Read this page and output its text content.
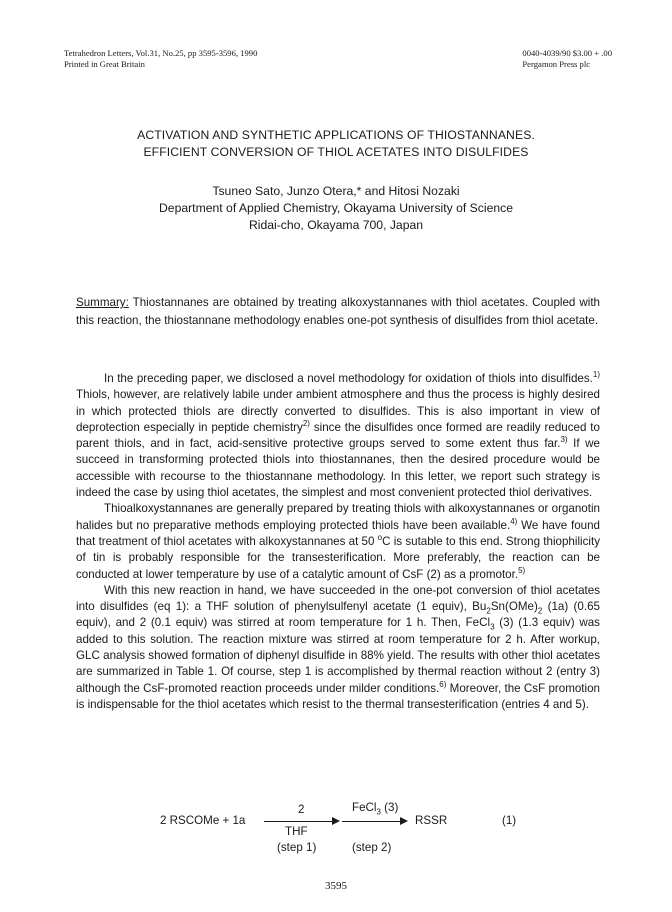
Tetrahedron Letters, Vol.31, No.25, pp 3595-3596, 1990
Printed in Great Britain
0040-4039/90 $3.00 + .00
Pergamon Press plc
ACTIVATION AND SYNTHETIC APPLICATIONS OF THIOSTANNANES.
EFFICIENT CONVERSION OF THIOL ACETATES INTO DISULFIDES
Tsuneo Sato, Junzo Otera,* and Hitosi Nozaki
Department of Applied Chemistry, Okayama University of Science
Ridai-cho, Okayama 700, Japan
Summary: Thiostannanes are obtained by treating alkoxystannanes with thiol acetates. Coupled with this reaction, the thiostannane methodology enables one-pot synthesis of disulfides from thiol acetate.

In the preceding paper, we disclosed a novel methodology for oxidation of thiols into disulfides.$^{1)}$ Thiols, however, are relatively labile under ambient atmosphere and thus the process is highly desired in which protected thiols are directly converted to disulfides. This is also important in view of deprotection especially in peptide chemistry$^{2)}$ since the disulfides once formed are readily reduced to parent thiols, and in fact, acid-sensitive protective groups served to some extent thus far.$^{3)}$ If we succeed in transforming protected thiols into thiostannanes, then the desired procedure would be accessible with recourse to the thiostannane methodology. In this letter, we report such strategy is indeed the case by using thiol acetates, the simplest and most convenient protected thiol derivatives.

Thioalkoxystannanes are generally prepared by treating thiols with alkoxystannanes or organotin halides but no preparative methods employing protected thiols have been available.$^{4)}$ We have found that treatment of thiol acetates with alkoxystannanes at 50 $^o$C is sutable to this end. Strong thiophilicity of tin is probably responsible for the transesterification. More preferably, the reaction can be conducted at lower temperature by use of a catalytic amount of CsF (2) as a promotor.$^{5)}$

With this new reaction in hand, we have succeeded in the one-pot conversion of thiol acetates into disulfides (eq 1): a THF solution of phenylsulfenyl acetate (1 equiv), $Bu_2Sn(OMe)_2$ (1a) (0.65 equiv), and 2 (0.1 equiv) was stirred at room temperature for 1 h. Then, FeCl$_3$ (3) (1.3 equiv) was added to this solution. The reaction mixture was stirred at room temperature for 2 h. After workup, GLC analysis showed formation of diphenyl disulfide in 88% yield. The results with other thiol acetates are summarized in Table 1. Of course, step 1 is accomplished by thermal reaction without 2 (entry 3) although the CsF-promoted reaction proceeds under milder conditions.$^{6)}$ Moreover, the CsF promotion is indispensable for the thiol acetates which resist to the thermal transesterification (entries 4 and 5).

2 RSCOMe + 1a
2
THF
FeCl$_3$ (3)
RSSR	(1)
(step 1)	(step 2)
3595
